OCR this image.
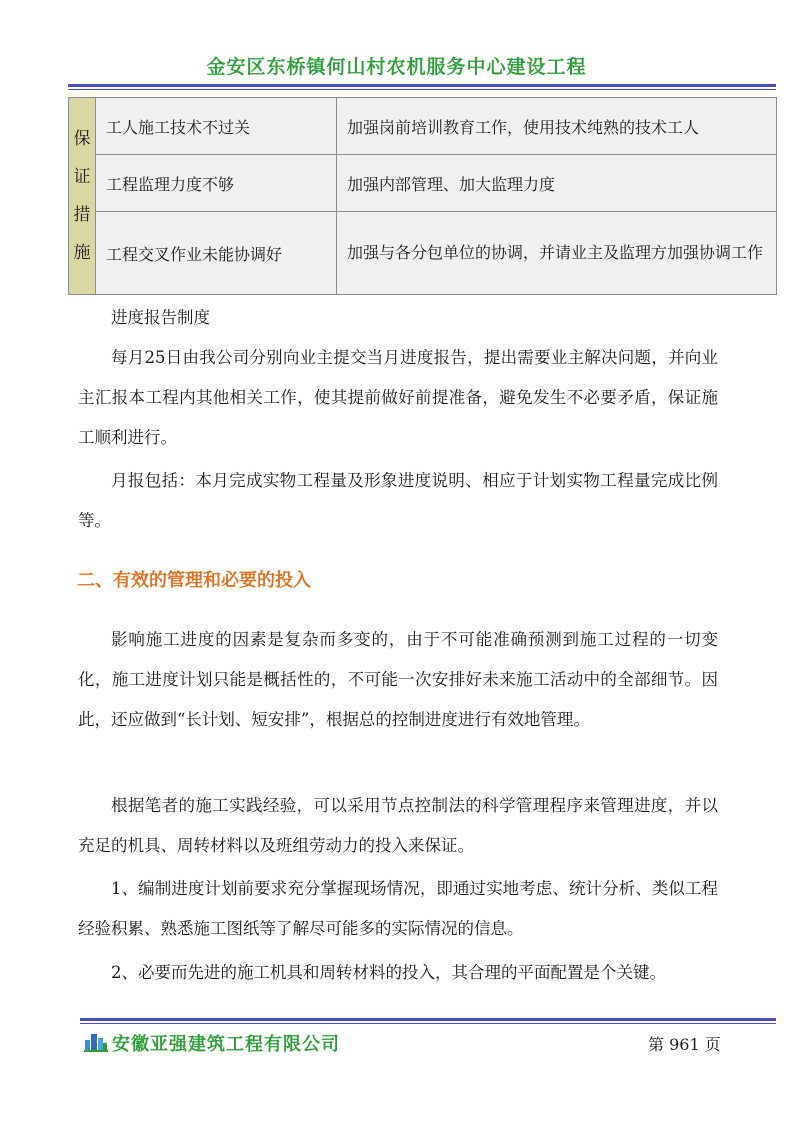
金安区东桥镇何山村农机服务中心建设工程
保
证
措
施	工人施工技术不过关	加强岗前培训教育工作，使用技术纯熟的技术工人
	工程监理力度不够	加强内部管理、加大监理力度
	工程交叉作业未能协调好	加强与各分包单位的协调，并请业主及监理方加强协调工作

进度报告制度

每月25日由我公司分别向业主提交当月进度报告，提出需要业主解决问题，并向业主汇报本工程内其他相关工作，使其提前做好前提准备，避免发生不必要矛盾，保证施工顺利进行。

月报包括：本月完成实物工程量及形象进度说明、相应于计划实物工程量完成比例等。

二、有效的管理和必要的投入

影响施工进度的因素是复杂而多变的，由于不可能准确预测到施工过程的一切变化，施工进度计划只能是概括性的，不可能一次安排好未来施工活动中的全部细节。因此，还应做到“长计划、短安排”，根据总的控制进度进行有效地管理。

根据笔者的施工实践经验，可以采用节点控制法的科学管理程序来管理进度，并以充足的机具、周转材料以及班组劳动力的投入来保证。

1、编制进度计划前要求充分掌握现场情况，即通过实地考虑、统计分析、类似工程经验积累、熟悉施工图纸等了解尽可能多的实际情况的信息。

2、必要而先进的施工机具和周转材料的投入，其合理的平面配置是个关键。

安徽亚强建筑工程有限公司	第 961 页
